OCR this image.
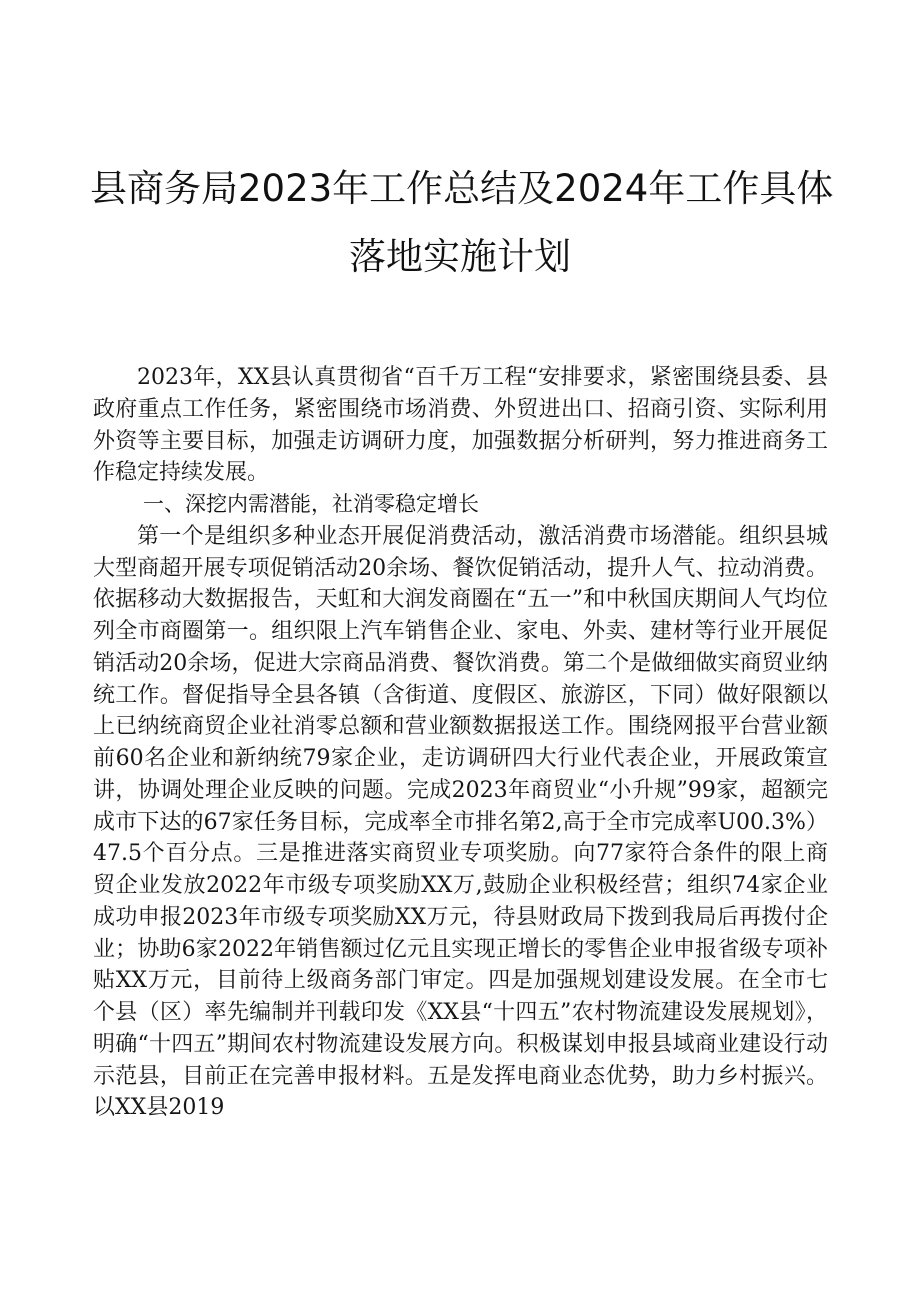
县商务局2023年工作总结及2024年工作具体
落地实施计划

2023年，XX县认真贯彻省“百千万工程“安排要求，紧密围绕县委、县政府重点工作任务，紧密围绕市场消费、外贸进出口、招商引资、实际利用外资等主要目标，加强走访调研力度，加强数据分析研判，努力推进商务工作稳定持续发展。

一、深挖内需潜能，社消零稳定增长

第一个是组织多种业态开展促消费活动，激活消费市场潜能。组织县城大型商超开展专项促销活动20余场、餐饮促销活动，提升人气、拉动消费。依据移动大数据报告，天虹和大润发商圈在“五一”和中秋国庆期间人气均位列全市商圈第一。组织限上汽车销售企业、家电、外卖、建材等行业开展促销活动20余场，促进大宗商品消费、餐饮消费。第二个是做细做实商贸业纳统工作。督促指导全县各镇（含街道、度假区、旅游区，下同）做好限额以上已纳统商贸企业社消零总额和营业额数据报送工作。围绕网报平台营业额前60名企业和新纳统79家企业，走访调研四大行业代表企业，开展政策宣讲，协调处理企业反映的问题。完成2023年商贸业“小升规”99家，超额完成市下达的67家任务目标，完成率全市排名第2,高于全市完成率U00.3%）47.5个百分点。三是推进落实商贸业专项奖励。向77家符合条件的限上商贸企业发放2022年市级专项奖励XX万,鼓励企业积极经营；组织74家企业成功申报2023年市级专项奖励XX万元，待县财政局下拨到我局后再拨付企业；协助6家2022年销售额过亿元且实现正增长的零售企业申报省级专项补贴XX万元，目前待上级商务部门审定。四是加强规划建设发展。在全市七个县（区）率先编制并刊载印发《XX县“十四五”农村物流建设发展规划》，明确“十四五”期间农村物流建设发展方向。积极谋划申报县域商业建设行动示范县，目前正在完善申报材料。五是发挥电商业态优势，助力乡村振兴。以XX县2019
